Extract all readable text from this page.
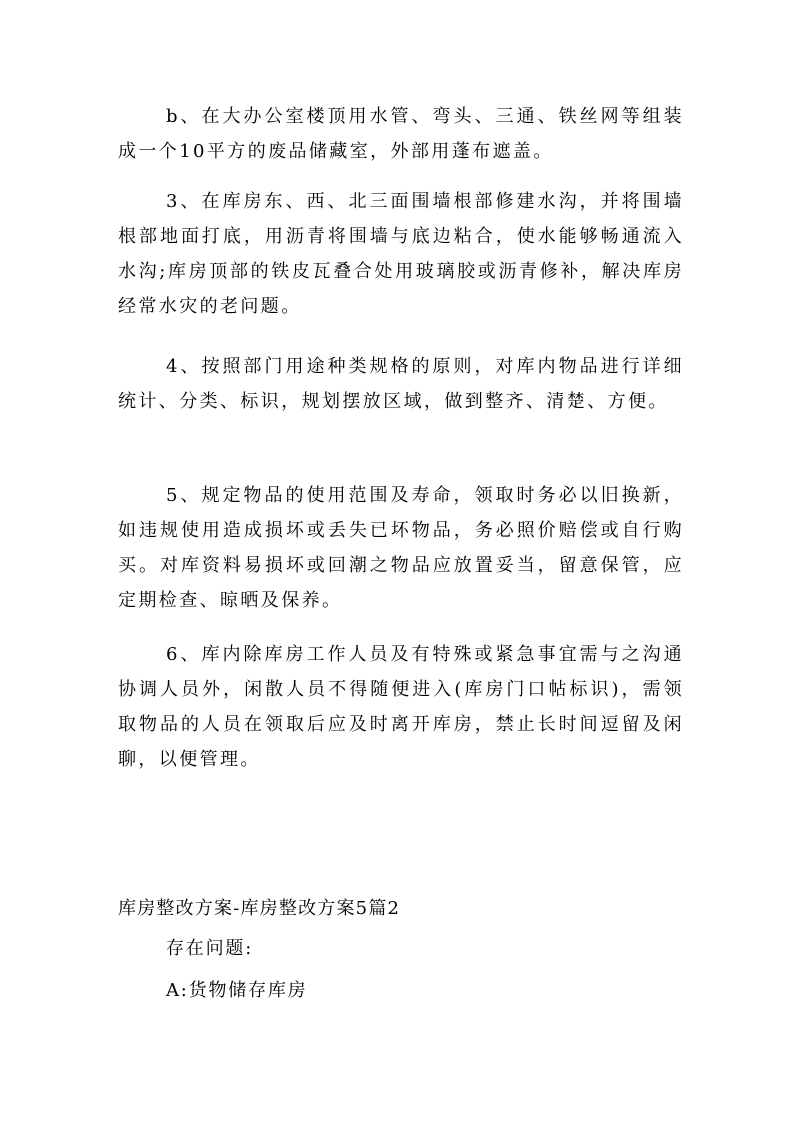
b、在大办公室楼顶用水管、弯头、三通、铁丝网等组装成一个10平方的废品储藏室，外部用蓬布遮盖。

3、在库房东、西、北三面围墙根部修建水沟，并将围墙根部地面打底，用沥青将围墙与底边粘合，使水能够畅通流入水沟;库房顶部的铁皮瓦叠合处用玻璃胶或沥青修补，解决库房经常水灾的老问题。

4、按照部门用途种类规格的原则，对库内物品进行详细统计、分类、标识，规划摆放区域，做到整齐、清楚、方便。

5、规定物品的使用范围及寿命，领取时务必以旧换新，如违规使用造成损坏或丢失已坏物品，务必照价赔偿或自行购买。对库资料易损坏或回潮之物品应放置妥当，留意保管，应定期检查、晾晒及保养。

6、库内除库房工作人员及有特殊或紧急事宜需与之沟通协调人员外，闲散人员不得随便进入(库房门口帖标识)，需领取物品的人员在领取后应及时离开库房，禁止长时间逗留及闲聊，以便管理。

库房整改方案-库房整改方案5篇2

存在问题:

A:货物储存库房
